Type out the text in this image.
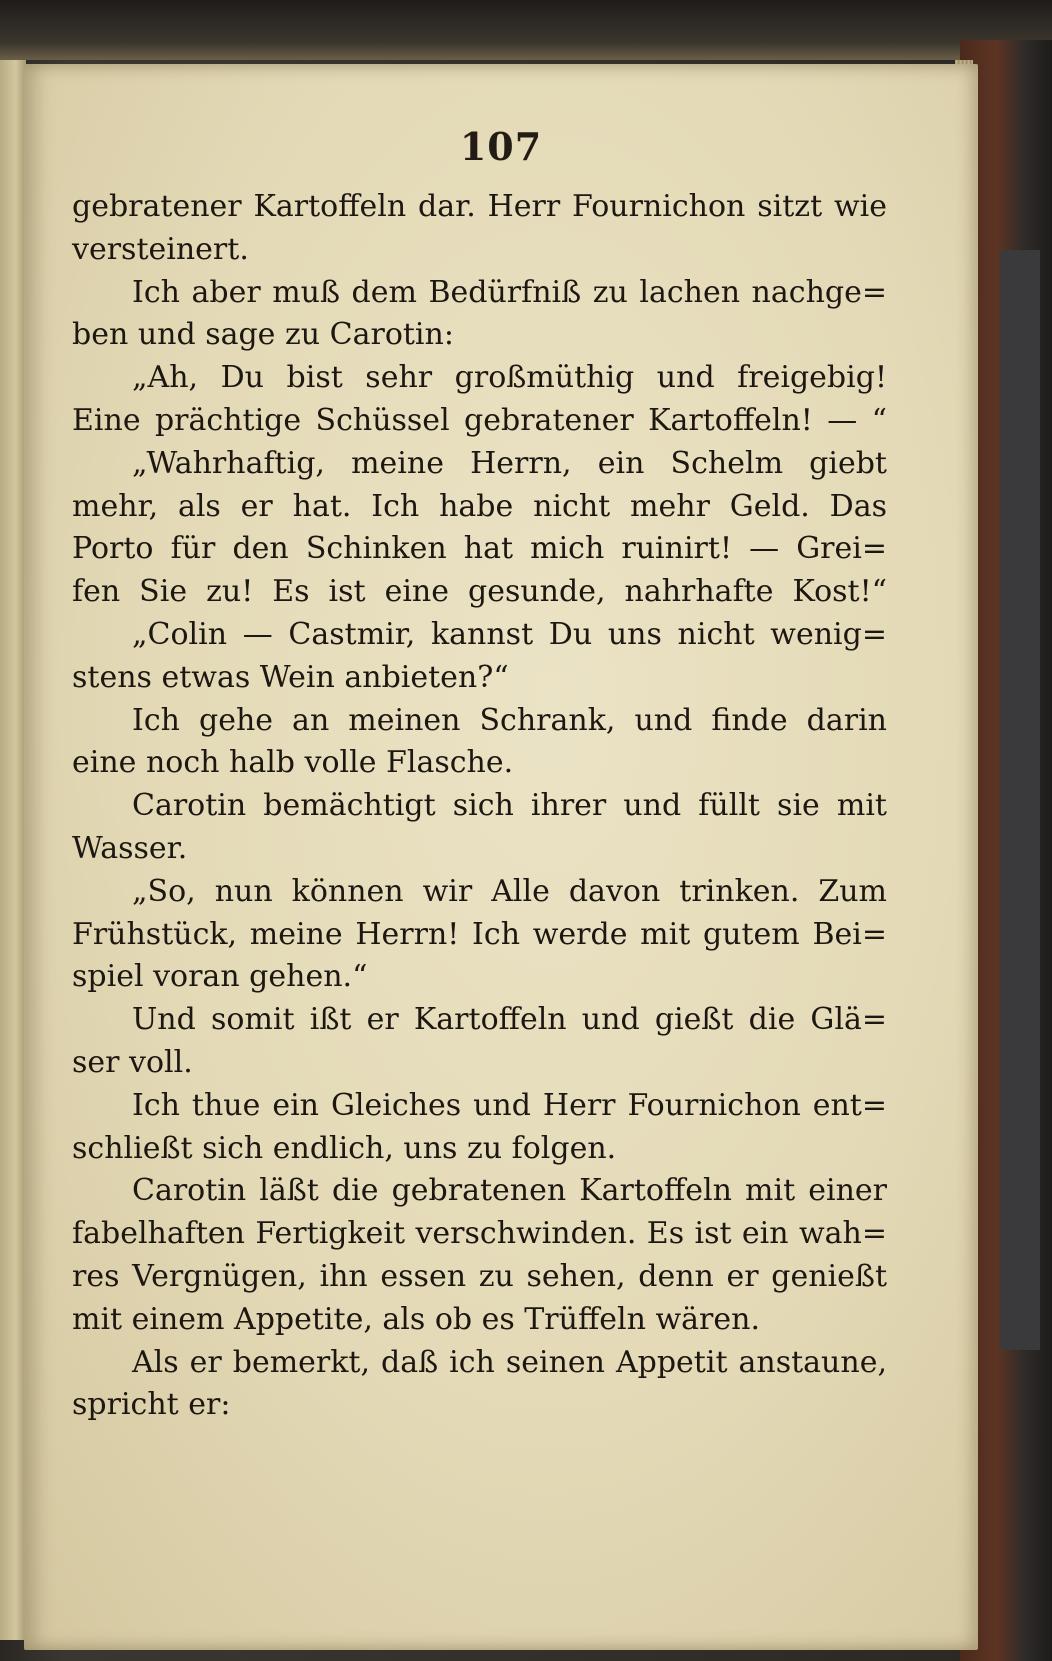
107
gebratener Kartoffeln dar. Herr Fournichon sitzt wie
versteinert.
Ich aber muß dem Bedürfniß zu lachen nachge=
ben und sage zu Carotin:
„Ah, Du bist sehr großmüthig und freigebig!
Eine prächtige Schüssel gebratener Kartoffeln! — “
„Wahrhaftig, meine Herrn, ein Schelm giebt
mehr, als er hat. Ich habe nicht mehr Geld. Das
Porto für den Schinken hat mich ruinirt! — Grei=
fen Sie zu! Es ist eine gesunde, nahrhafte Kost!“
„Colin — Castmir, kannst Du uns nicht wenig=
stens etwas Wein anbieten?“
Ich gehe an meinen Schrank, und finde darin
eine noch halb volle Flasche.
Carotin bemächtigt sich ihrer und füllt sie mit
Wasser.
„So, nun können wir Alle davon trinken. Zum
Frühstück, meine Herrn! Ich werde mit gutem Bei=
spiel voran gehen.“
Und somit ißt er Kartoffeln und gießt die Glä=
ser voll.
Ich thue ein Gleiches und Herr Fournichon ent=
schließt sich endlich, uns zu folgen.
Carotin läßt die gebratenen Kartoffeln mit einer
fabelhaften Fertigkeit verschwinden. Es ist ein wah=
res Vergnügen, ihn essen zu sehen, denn er genießt
mit einem Appetite, als ob es Trüffeln wären.
Als er bemerkt, daß ich seinen Appetit anstaune,
spricht er:
